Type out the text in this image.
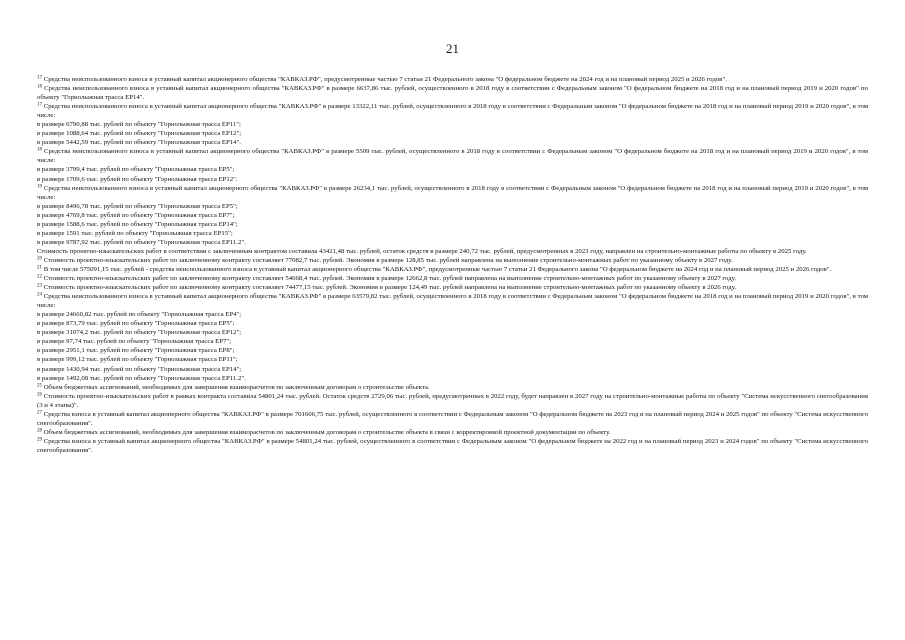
21

$^{17}$ Средства неиспользованного взноса в уставный капитал акционерного общества "КАВКАЗ.РФ", предусмотренные частью 7 статьи 21 Федерального закона "О федеральном бюджете на 2024 год и на плановый период 2025 и 2026 годов".

$^{18}$ Средства неиспользованного взноса в уставный капитал акционерного общества "КАВКАЗ.РФ" в размере 6637,86 тыс. рублей, осуществленного в 2018 году в соответствии с Федеральным законом "О федеральном бюджете на 2018 год и на плановый период 2019 и 2020 годов" по объекту "Горнолыжная трасса ЕР14".

$^{17}$ Средства неиспользованного взноса в уставный капитал акционерного общества "КАВКАЗ.РФ" в размере 13322,11 тыс. рублей, осуществленного в 2018 году в соответствии с Федеральным законом "О федеральном бюджете на 2018 год и на плановый период 2019 и 2020 годов", в том числе:

в размере 6790,88 тыс. рублей по объекту "Горнолыжная трасса ЕР11";

в размере 1088,64 тыс. рублей по объекту "Горнолыжная трасса ЕР12";

в размере 5442,59 тыс. рублей по объекту "Горнолыжная трасса ЕР14".

$^{18}$ Средства неиспользованного взноса в уставный капитал акционерного общества "КАВКАЗ.РФ" в размере 5509 тыс. рублей, осуществленного в 2018 году в соответствии с Федеральным законом "О федеральном бюджете на 2018 год и на плановый период 2019 и 2020 годов", в том числе:

в размере 3799,4 тыс. рублей по объекту "Горнолыжная трасса ЕР5";

в размере 1709,6 тыс. рублей по объекту "Горнолыжная трасса ЕР12".

$^{19}$ Средства неиспользованного взноса в уставный капитал акционерного общества "КАВКАЗ.РФ" в размере 26234,1 тыс. рублей, осуществленного в 2018 году в соответствии с Федеральным законом "О федеральном бюджете на 2018 год и на плановый период 2019 и 2020 годов", в том числе:

в размере 8496,78 тыс. рублей по объекту "Горнолыжная трасса ЕР5";

в размере 4769,8 тыс. рублей по объекту "Горнолыжная трасса ЕР7";

в размере 1588,6 тыс. рублей по объекту "Горнолыжная трасса ЕР14";

в размере 1591 тыс. рублей по объекту "Горнолыжная трасса ЕР15";

в размере 9787,92 тыс. рублей по объекту "Горнолыжная трасса ЕР11.2".

Стоимость проектно-изыскательских работ в соответствии с заключенным контрактом составила 43421,48 тыс. рублей, остаток средств в размере 240,72 тыс. рублей, предусмотренных в 2023 году, направлен на строительно-монтажные работы по объекту в 2025 году.

$^{20}$ Стоимость проектно-изыскательских работ по заключенному контракту составляет 77082,7 тыс. рублей. Экономия в размере 128,85 тыс. рублей направлена на выполнение строительно-монтажных работ по указанному объекту в 2027 году.

$^{21}$ В том числе 575091,15 тыс. рублей - средства неиспользованного взноса в уставный капитал акционерного общества "КАВКАЗ.РФ", предусмотренные частью 7 статьи 21 Федерального закона "О федеральном бюджете на 2024 год и на плановый период 2025 и 2026 годов".

$^{22}$ Стоимость проектно-изыскательских работ по заключенному контракту составляет 54668,4 тыс. рублей. Экономия в размере 12662,8 тыс. рублей направлена на выполнение строительно-монтажных работ по указанному объекту в 2027 году.

$^{23}$ Стоимость проектно-изыскательских работ по заключенному контракту составляет 74477,15 тыс. рублей. Экономия в размере 124,49 тыс. рублей направлена на выполнение строительно-монтажных работ по указанному объекту в 2026 году.

$^{24}$ Средства неиспользованного взноса в уставный капитал акционерного общества "КАВКАЗ.РФ" в размере 63579,82 тыс. рублей, осуществленного в 2018 году в соответствии с Федеральным законом "О федеральном бюджете на 2018 год и на плановый период 2019 и 2020 годов", в том числе:

в размере 24660,82 тыс. рублей по объекту "Горнолыжная трасса ЕР4";

в размере 873,79 тыс. рублей по объекту "Горнолыжная трасса ЕР5";

в размере 31074,2 тыс. рублей по объекту "Горнолыжная трасса ЕР12";

в размере 97,74 тыс. рублей по объекту "Горнолыжная трасса ЕР7";

в размере 2951,1 тыс. рублей по объекту "Горнолыжная трасса ЕР8";

в размере 999,12 тыс. рублей по объекту "Горнолыжная трасса ЕР11";

в размере 1430,94 тыс. рублей по объекту "Горнолыжная трасса ЕР14";

в размере 1492,08 тыс. рублей по объекту "Горнолыжная трасса ЕР11.2".

$^{25}$ Объем бюджетных ассигнований, необходимых для завершения взаиморасчетов по заключенным договорам о строительстве объекта.

$^{26}$ Стоимость проектно-изыскательских работ в рамках контракта составила 54801,24 тыс. рублей. Остаток средств 2729,06 тыс. рублей, предусмотренных в 2022 году, будет направлен в 2027 году на строительно-монтажные работы по объекту "Система искусственного снегообразования (3 и 4 этапы)".

$^{27}$ Средства взноса в уставный капитал акционерного общества "КАВКАЗ.РФ" в размере 701606,75 тыс. рублей, осуществленного в соответствии с Федеральным законом "О федеральном бюджете на 2023 год и на плановый период 2024 и 2025 годов" по объекту "Система искусственного снегообразования".

$^{28}$ Объем бюджетных ассигнований, необходимых для завершения взаиморасчетов по заключенным договорам о строительстве объекта в связи с корректировкой проектной документации по объекту.

$^{29}$ Средства взноса в уставный капитал акционерного общества "КАВКАЗ.РФ" в размере 54801,24 тыс. рублей, осуществленного в соответствии с Федеральным законом "О федеральном бюджете на 2022 год и на плановый период 2023 и 2024 годов" по объекту "Система искусственного снегообразования".
